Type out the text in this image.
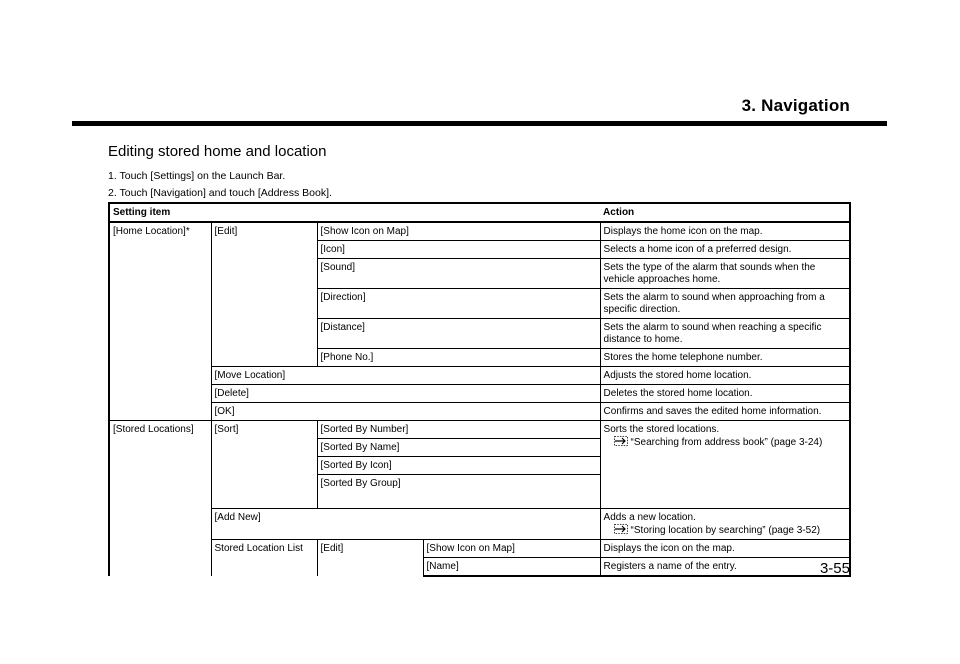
3. Navigation
Editing stored home and location
1. Touch [Settings] on the Launch Bar.
2. Touch [Navigation] and touch [Address Book].
Setting item				Action
[Home Location]*	[Edit]	[Show Icon on Map]		Displays the home icon on the map.
		[Icon]		Selects a home icon of a preferred design.
		[Sound]		Sets the type of the alarm that sounds when the vehicle approaches home.
		[Direction]		Sets the alarm to sound when approaching from a specific direction.
		[Distance]		Sets the alarm to sound when reaching a specific distance to home.
		[Phone No.]		Stores the home telephone number.
	[Move Location]			Adjusts the stored home location.
	[Delete]			Deletes the stored home location.
	[OK]			Confirms and saves the edited home information.
[Stored Locations]	[Sort]	[Sorted By Number]		Sorts the stored locations.
“Searching from address book” (page 3-24)

		[Sorted By Name]		
		[Sorted By Icon]		
		[Sorted By Group]		
	[Add New]			Adds a new location.
“Storing location by searching” (page 3-52)

	Stored Location List	[Edit]	[Show Icon on Map]	Displays the icon on the map.
			[Name]	Registers a name of the entry.	3-55
